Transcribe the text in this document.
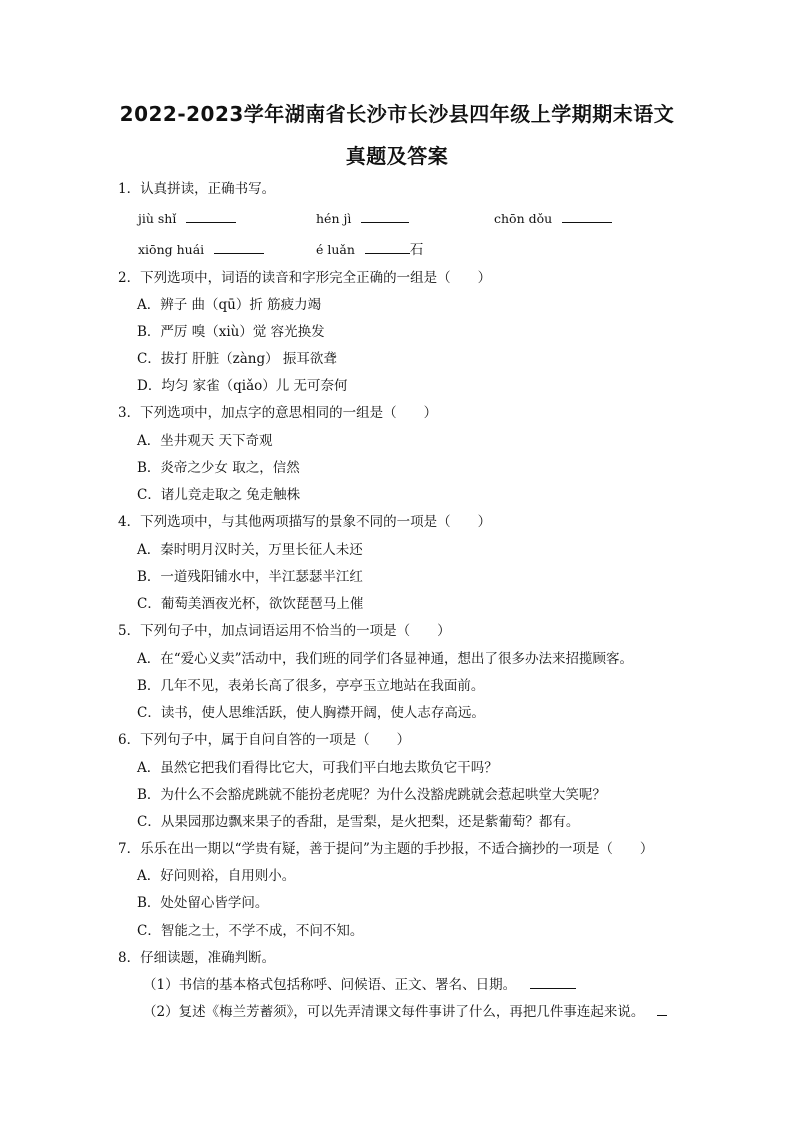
2022-2023学年湖南省长沙市长沙县四年级上学期期末语文
真题及答案
1．认真拼读，正确书写。
jiù shǐ	hén jì	chōn dǒu
xiōng huái	é luǎn	石
2．下列选项中，词语的读音和字形完全正确的一组是（　　）
A．辨子 曲（qū）折 筋疲力竭
B．严厉 嗅（xiù）觉 容光换发
C．拔打 肝脏（zàng） 振耳欲聋
D．均匀 家雀（qiǎo）儿 无可奈何
3．下列选项中，加点字的意思相同的一组是（　　）
A．坐井观天 天下奇观
B．炎帝之少女 取之，信然
C．诸儿竞走取之 兔走触株
4．下列选项中，与其他两项描写的景象不同的一项是（　　）
A．秦时明月汉时关，万里长征人未还
B．一道残阳铺水中，半江瑟瑟半江红
C．葡萄美酒夜光杯，欲饮琵琶马上催
5．下列句子中，加点词语运用不恰当的一项是（　　）
A．在“爱心义卖”活动中，我们班的同学们各显神通，想出了很多办法来招揽顾客。
B．几年不见，表弟长高了很多，亭亭玉立地站在我面前。
C．读书，使人思维活跃，使人胸襟开阔，使人志存高远。
6．下列句子中，属于自问自答的一项是（　　）
A．虽然它把我们看得比它大，可我们平白地去欺负它干吗？
B．为什么不会豁虎跳就不能扮老虎呢？为什么没豁虎跳就会惹起哄堂大笑呢？
C．从果园那边飘来果子的香甜，是雪梨，是火把梨，还是紫葡萄？都有。
7．乐乐在出一期以“学贵有疑，善于提问”为主题的手抄报，不适合摘抄的一项是（　　）
A．好问则裕，自用则小。
B．处处留心皆学问。
C．智能之士，不学不成，不问不知。
8．仔细读题，准确判断。
（1）书信的基本格式包括称呼、问候语、正文、署名、日期。
（2）复述《梅兰芳蓄须》，可以先弄清课文每件事讲了什么，再把几件事连起来说。
